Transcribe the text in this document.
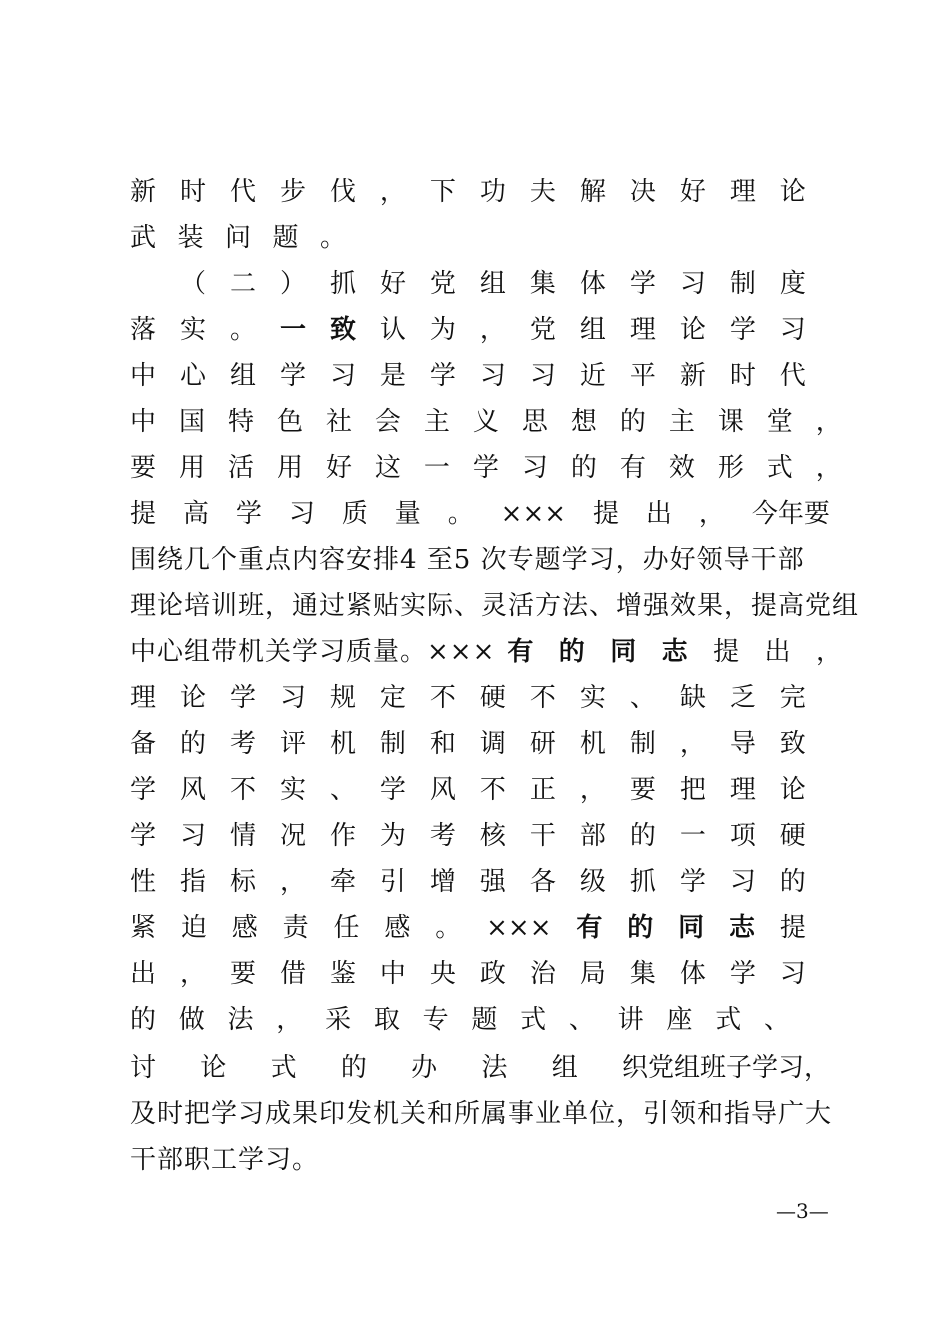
新 时 代 步 伐 ， 下 功 夫 解 决 好 理 论
武 装 问 题 。
（ 二 ） 抓 好 党 组 集 体 学 习 制 度
落 实 。 一 致 认 为 ， 党 组 理 论 学 习
中 心 组 学 习 是 学 习 习 近 平 新 时 代
中 国 特 色 社 会 主 义 思 想 的 主 课 堂 ，
要 用 活 用 好 这 一 学 习 的 有 效 形 式 ，
提 高 学 习 质 量 。 ××× 提 出 ， 今年要
围绕几个重点内容安排4 至5 次专题学习，办好领导干部
理论培训班，通过紧贴实际、灵活方法、增强效果，提高党组
中心组带机关学习质量。××× 有 的 同 志 提 出 ，
理 论 学 习 规 定 不 硬 不 实 、 缺 乏 完
备 的 考 评 机 制 和 调 研 机 制 ， 导 致
学 风 不 实 、 学 风 不 正 ， 要 把 理 论
学 习 情 况 作 为 考 核 干 部 的 一 项 硬
性 指 标 ， 牵 引 增 强 各 级 抓 学 习 的
紧 迫 感 责 任 感 。 ××× 有 的 同 志 提
出 ， 要 借 鉴 中 央 政 治 局 集 体 学 习
的 做 法 ， 采 取 专 题 式 、 讲 座 式 、
讨 论 式 的 办 法 组 织党组班子学习，
及时把学习成果印发机关和所属事业单位，引领和指导广大
干部职工学习。
—3—
